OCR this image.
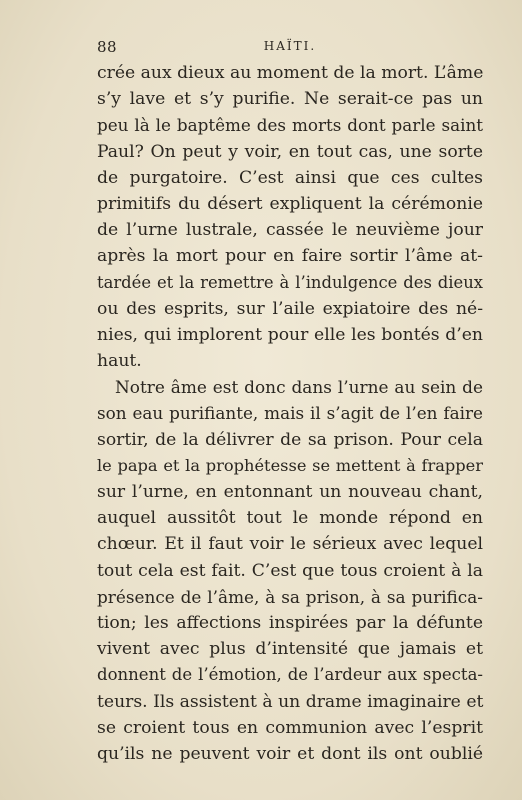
88	HAÏTI.
crée aux dieux au moment de la mort. L’âme
s’y lave et s’y purifie. Ne serait-ce pas un
peu là le baptême des morts dont parle saint
Paul? On peut y voir, en tout cas, une sorte
de purgatoire. C’est ainsi que ces cultes
primitifs du désert expliquent la cérémonie
de l’urne lustrale, cassée le neuvième jour
après la mort pour en faire sortir l’âme at-
tardée et la remettre à l’indulgence des dieux
ou des esprits, sur l’aile expiatoire des né-
nies, qui implorent pour elle les bontés d’en
haut.
Notre âme est donc dans l’urne au sein de
son eau purifiante, mais il s’agit de l’en faire
sortir, de la délivrer de sa prison. Pour cela
le papa et la prophétesse se mettent à frapper
sur l’urne, en entonnant un nouveau chant,
auquel aussitôt tout le monde répond en
chœur. Et il faut voir le sérieux avec lequel
tout cela est fait. C’est que tous croient à la
présence de l’âme, à sa prison, à sa purifica-
tion; les affections inspirées par la défunte
vivent avec plus d’intensité que jamais et
donnent de l’émotion, de l’ardeur aux specta-
teurs. Ils assistent à un drame imaginaire et
se croient tous en communion avec l’esprit
qu’ils ne peuvent voir et dont ils ont oublié
